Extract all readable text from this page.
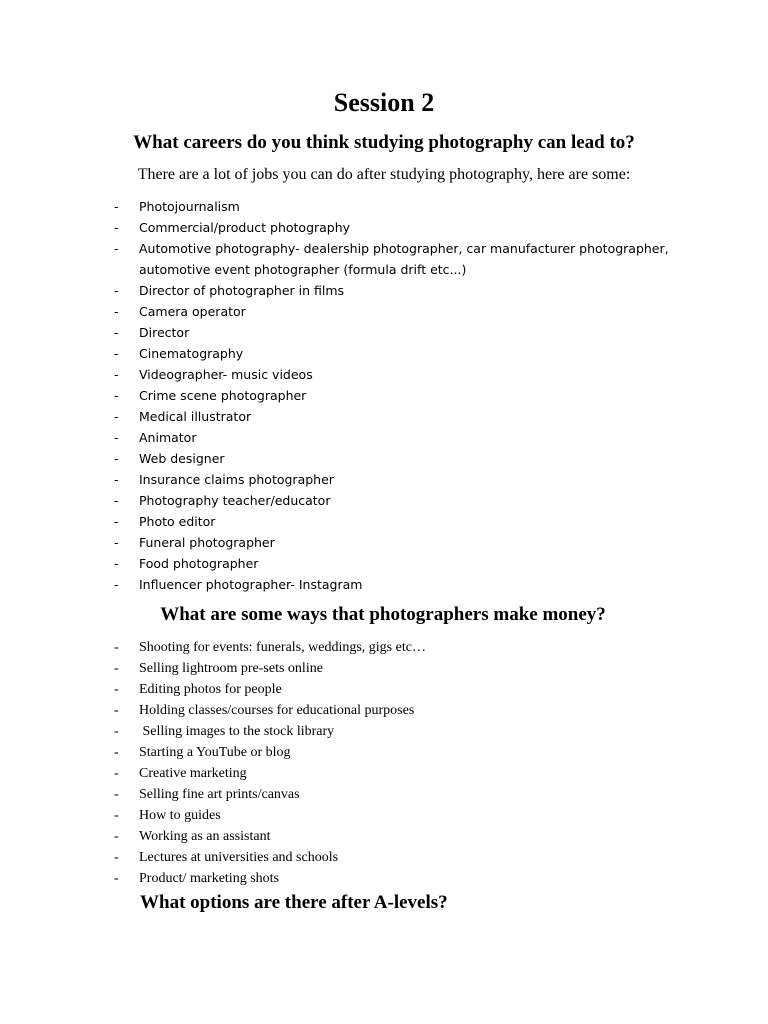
Session 2
What careers do you think studying photography can lead to?

There are a lot of jobs you can do after studying photography, here are some:

- Photojournalism
- Commercial/product photography
- Automotive photography- dealership photographer, car manufacturer photographer, automotive event photographer (formula drift etc...)
- Director of photographer in films
- Camera operator
- Director
- Cinematography
- Videographer- music videos
- Crime scene photographer
- Medical illustrator
- Animator
- Web designer
- Insurance claims photographer
- Photography teacher/educator
- Photo editor
- Funeral photographer
- Food photographer
- Influencer photographer- Instagram
What are some ways that photographers make money?
- Shooting for events: funerals, weddings, gigs etc…
- Selling lightroom pre-sets online
- Editing photos for people
- Holding classes/courses for educational purposes
- Selling images to the stock library
- Starting a YouTube or blog
- Creative marketing
- Selling fine art prints/canvas
- How to guides
- Working as an assistant
- Lectures at universities and schools
- Product/ marketing shots
What options are there after A-levels?
